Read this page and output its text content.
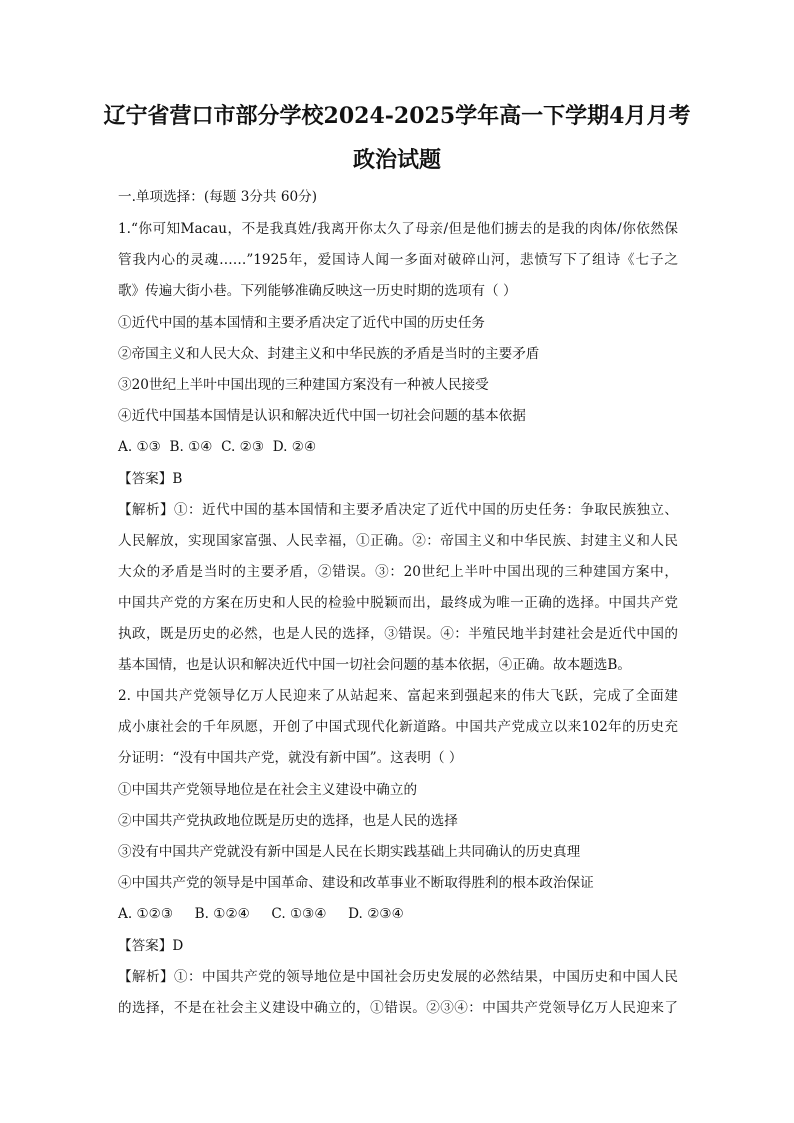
辽宁省营口市部分学校2024-2025学年高一下学期4月月考
政治试题
一.单项选择：(每题 3分共 60分)
1.“你可知Macau，不是我真姓/我离开你太久了母亲/但是他们掳去的是我的肉体/你依然保
管我内心的灵魂……”1925年，爱国诗人闻一多面对破碎山河，悲愤写下了组诗《七子之
歌》传遍大街小巷。下列能够准确反映这一历史时期的选项有（ ）
①近代中国的基本国情和主要矛盾决定了近代中国的历史任务
②帝国主义和人民大众、封建主义和中华民族的矛盾是当时的主要矛盾
③20世纪上半叶中国出现的三种建国方案没有一种被人民接受
④近代中国基本国情是认识和解决近代中国一切社会问题的基本依据
A. ①③  B. ①④  C. ②③  D. ②④
【答案】B
【解析】①：近代中国的基本国情和主要矛盾决定了近代中国的历史任务：争取民族独立、
人民解放，实现国家富强、人民幸福，①正确。②：帝国主义和中华民族、封建主义和人民
大众的矛盾是当时的主要矛盾，②错误。③：20世纪上半叶中国出现的三种建国方案中，
中国共产党的方案在历史和人民的检验中脱颖而出，最终成为唯一正确的选择。中国共产党
执政，既是历史的必然，也是人民的选择，③错误。④：半殖民地半封建社会是近代中国的
基本国情，也是认识和解决近代中国一切社会问题的基本依据，④正确。故本题选B。
2. 中国共产党领导亿万人民迎来了从站起来、富起来到强起来的伟大飞跃，完成了全面建
成小康社会的千年夙愿，开创了中国式现代化新道路。中国共产党成立以来102年的历史充
分证明：“没有中国共产党，就没有新中国”。这表明（ ）
①中国共产党领导地位是在社会主义建设中确立的
②中国共产党执政地位既是历史的选择，也是人民的选择
③没有中国共产党就没有新中国是人民在长期实践基础上共同确认的历史真理
④中国共产党的领导是中国革命、建设和改革事业不断取得胜利的根本政治保证
A. ①②③     B. ①②④     C. ①③④     D. ②③④
【答案】D
【解析】①：中国共产党的领导地位是中国社会历史发展的必然结果，中国历史和中国人民
的选择，不是在社会主义建设中确立的，①错误。②③④：中国共产党领导亿万人民迎来了
